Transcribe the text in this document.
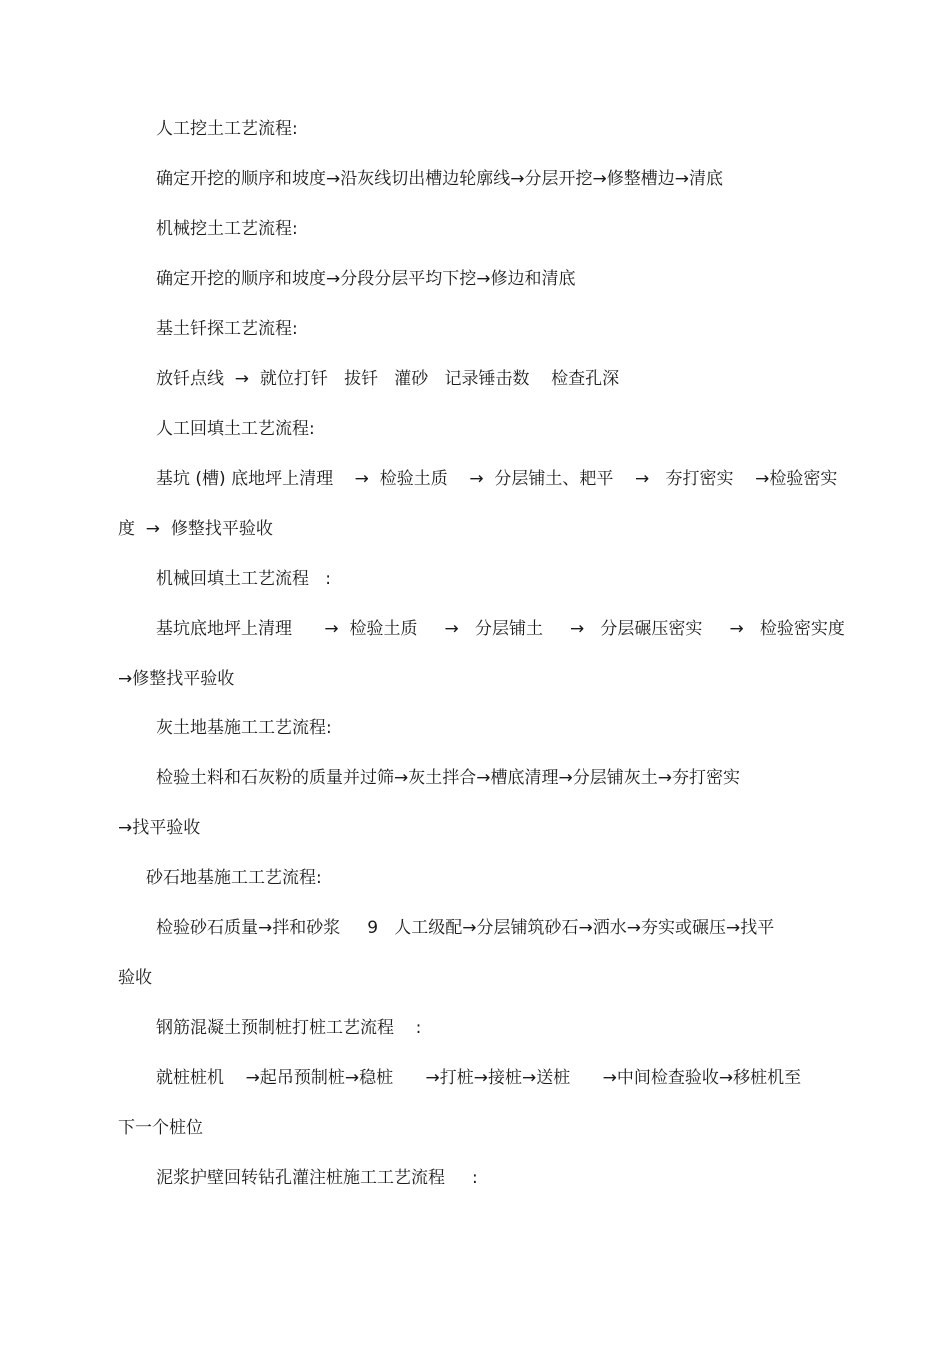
人工挖土工艺流程:
确定开挖的顺序和坡度→沿灰线切出槽边轮廓线→分层开挖→修整槽边→清底
机械挖土工艺流程:
确定开挖的顺序和坡度→分段分层平均下挖→修边和清底
基土钎探工艺流程:
放钎点线  →  就位打钎   拔钎   灌砂   记录锤击数    检查孔深
人工回填土工艺流程:
基坑 (槽) 底地坪上清理    →  检验土质    →  分层铺土、耙平    →   夯打密实    →检验密实
度  →  修整找平验收
机械回填土工艺流程   :
基坑底地坪上清理      →  检验土质     →   分层铺土     →   分层碾压密实     →   检验密实度
→修整找平验收
灰土地基施工工艺流程:
检验土料和石灰粉的质量并过筛→灰土拌合→槽底清理→分层铺灰土→夯打密实
→找平验收
砂石地基施工工艺流程:
检验砂石质量→拌和砂浆     9   人工级配→分层铺筑砂石→洒水→夯实或碾压→找平
验收
钢筋混凝土预制桩打桩工艺流程    :
就桩桩机    →起吊预制桩→稳桩      →打桩→接桩→送桩      →中间检查验收→移桩机至
下一个桩位
泥浆护壁回转钻孔灌注桩施工工艺流程     :
